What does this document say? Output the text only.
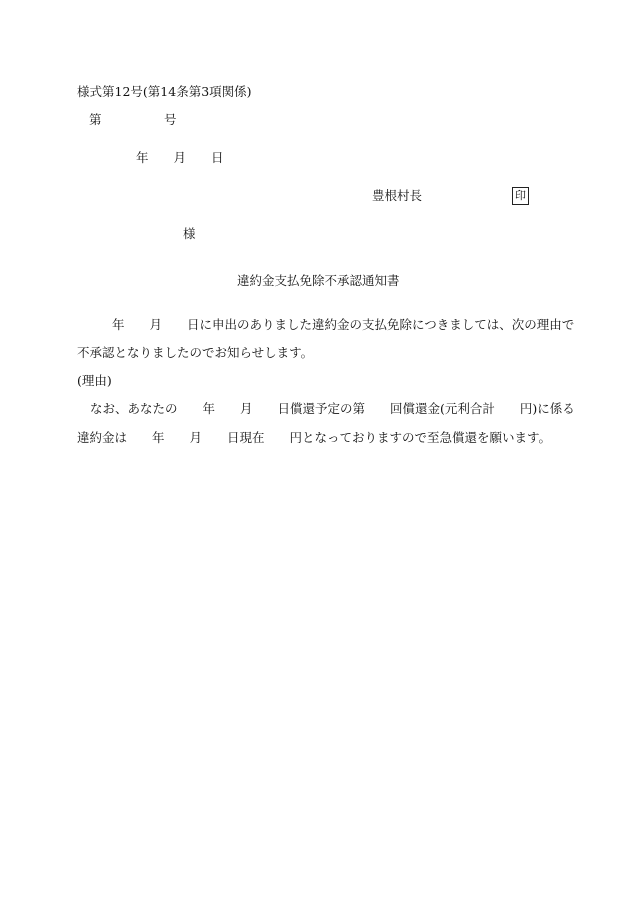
様式第12号(第14条第3項関係)
第　　　　　号
年　　月　　日
豊根村長	印
様
違約金支払免除不承認通知書
年　　月　　日に申出のありました違約金の支払免除につきましては、次の理由で
不承認となりましたのでお知らせします。
(理由)
なお、あなたの　　年　　月　　日償還予定の第　　回償還金(元利合計　　円)に係る
違約金は　　年　　月　　日現在　　円となっておりますので至急償還を願います。
